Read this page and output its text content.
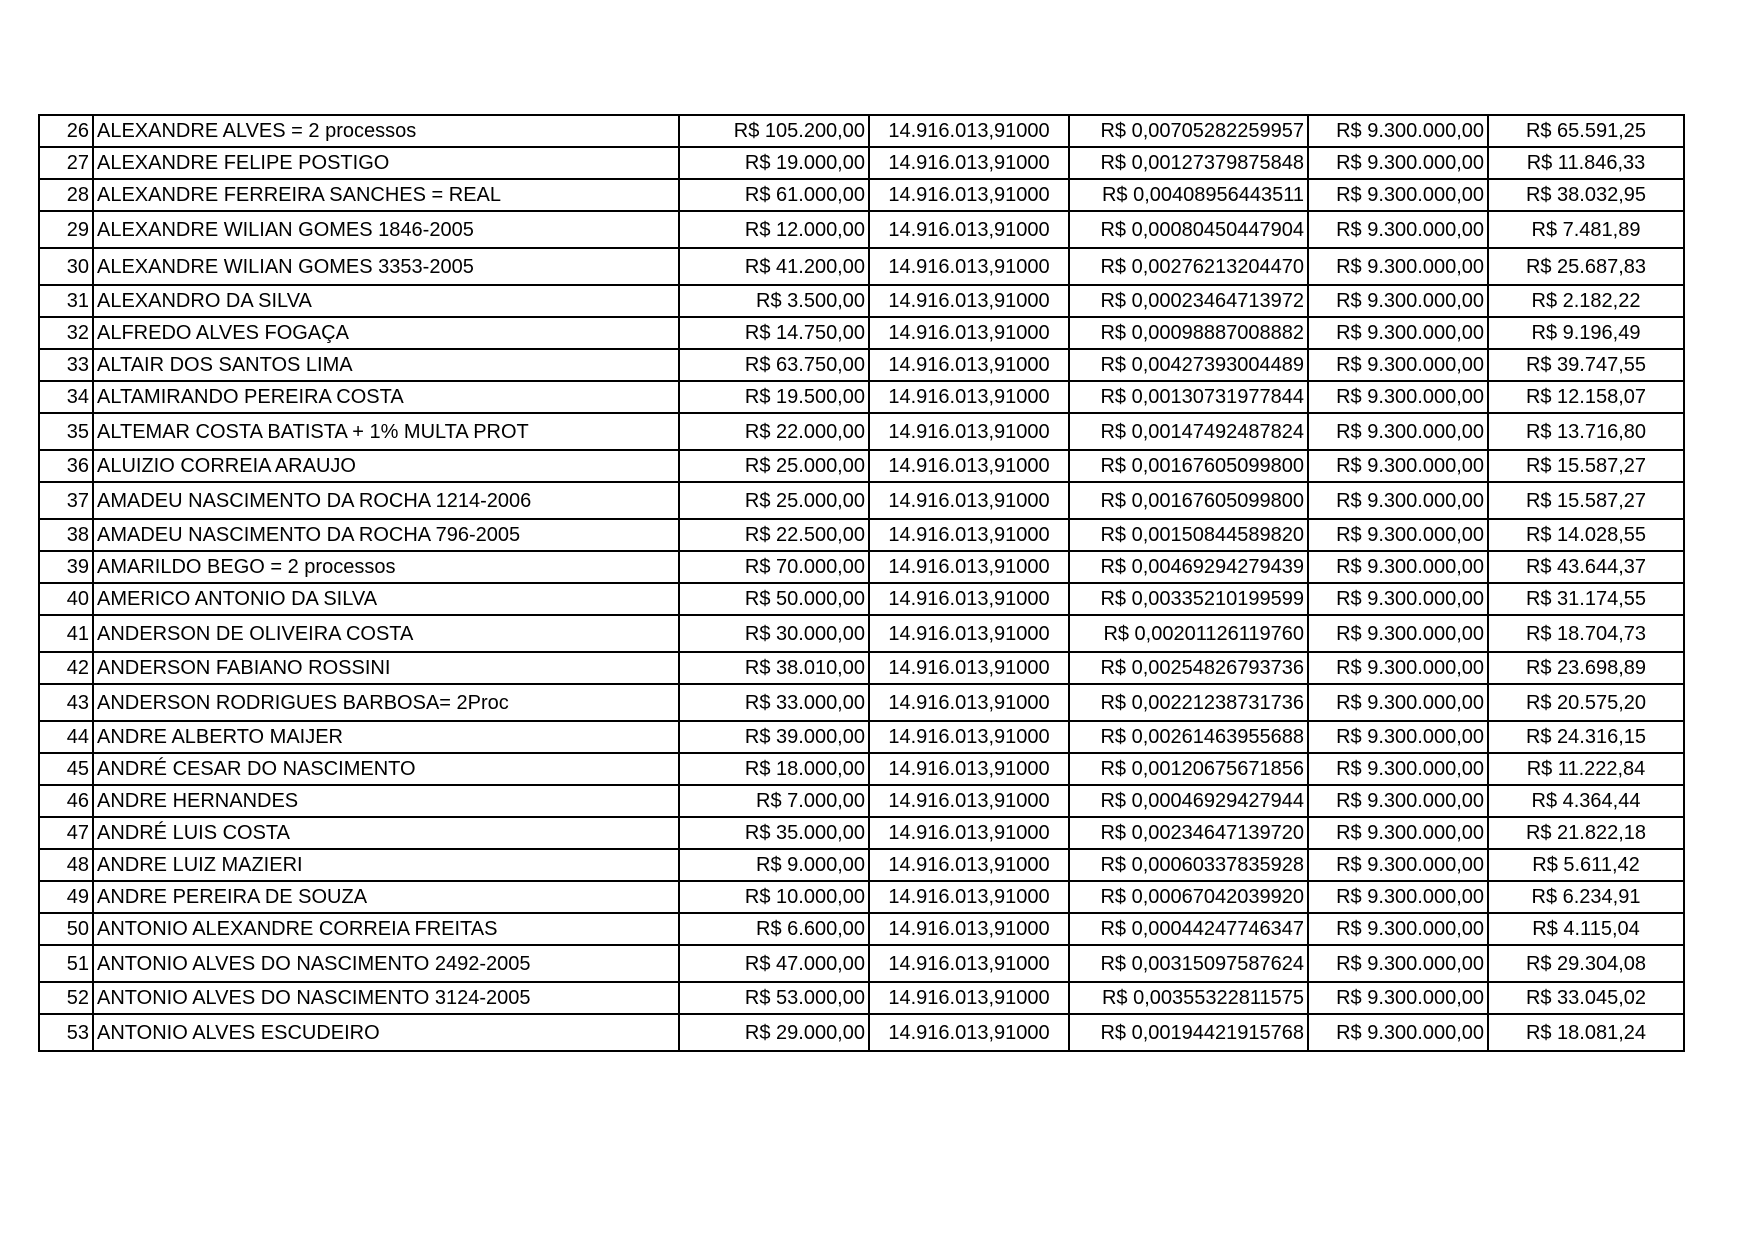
26	ALEXANDRE ALVES = 2 processos	R$ 105.200,00	14.916.013,91000	R$ 0,00705282259957	R$ 9.300.000,00	R$ 65.591,25
27	ALEXANDRE FELIPE POSTIGO	R$ 19.000,00	14.916.013,91000	R$ 0,00127379875848	R$ 9.300.000,00	R$ 11.846,33
28	ALEXANDRE FERREIRA SANCHES = REAL	R$ 61.000,00	14.916.013,91000	R$ 0,00408956443511	R$ 9.300.000,00	R$ 38.032,95
29	ALEXANDRE WILIAN GOMES 1846-2005	R$ 12.000,00	14.916.013,91000	R$ 0,00080450447904	R$ 9.300.000,00	R$ 7.481,89
30	ALEXANDRE WILIAN GOMES 3353-2005	R$ 41.200,00	14.916.013,91000	R$ 0,00276213204470	R$ 9.300.000,00	R$ 25.687,83
31	ALEXANDRO DA SILVA	R$ 3.500,00	14.916.013,91000	R$ 0,00023464713972	R$ 9.300.000,00	R$ 2.182,22
32	ALFREDO ALVES FOGAÇA	R$ 14.750,00	14.916.013,91000	R$ 0,00098887008882	R$ 9.300.000,00	R$ 9.196,49
33	ALTAIR DOS SANTOS LIMA	R$ 63.750,00	14.916.013,91000	R$ 0,00427393004489	R$ 9.300.000,00	R$ 39.747,55
34	ALTAMIRANDO PEREIRA COSTA	R$ 19.500,00	14.916.013,91000	R$ 0,00130731977844	R$ 9.300.000,00	R$ 12.158,07
35	ALTEMAR COSTA BATISTA + 1% MULTA PROT	R$ 22.000,00	14.916.013,91000	R$ 0,00147492487824	R$ 9.300.000,00	R$ 13.716,80
36	ALUIZIO CORREIA ARAUJO	R$ 25.000,00	14.916.013,91000	R$ 0,00167605099800	R$ 9.300.000,00	R$ 15.587,27
37	AMADEU NASCIMENTO DA ROCHA 1214-2006	R$ 25.000,00	14.916.013,91000	R$ 0,00167605099800	R$ 9.300.000,00	R$ 15.587,27
38	AMADEU NASCIMENTO DA ROCHA 796-2005	R$ 22.500,00	14.916.013,91000	R$ 0,00150844589820	R$ 9.300.000,00	R$ 14.028,55
39	AMARILDO BEGO = 2 processos	R$ 70.000,00	14.916.013,91000	R$ 0,00469294279439	R$ 9.300.000,00	R$ 43.644,37
40	AMERICO ANTONIO DA SILVA	R$ 50.000,00	14.916.013,91000	R$ 0,00335210199599	R$ 9.300.000,00	R$ 31.174,55
41	ANDERSON DE OLIVEIRA COSTA	R$ 30.000,00	14.916.013,91000	R$ 0,00201126119760	R$ 9.300.000,00	R$ 18.704,73
42	ANDERSON FABIANO ROSSINI	R$ 38.010,00	14.916.013,91000	R$ 0,00254826793736	R$ 9.300.000,00	R$ 23.698,89
43	ANDERSON RODRIGUES BARBOSA= 2Proc	R$ 33.000,00	14.916.013,91000	R$ 0,00221238731736	R$ 9.300.000,00	R$ 20.575,20
44	ANDRE ALBERTO MAIJER	R$ 39.000,00	14.916.013,91000	R$ 0,00261463955688	R$ 9.300.000,00	R$ 24.316,15
45	ANDRÉ CESAR DO NASCIMENTO	R$ 18.000,00	14.916.013,91000	R$ 0,00120675671856	R$ 9.300.000,00	R$ 11.222,84
46	ANDRE HERNANDES	R$ 7.000,00	14.916.013,91000	R$ 0,00046929427944	R$ 9.300.000,00	R$ 4.364,44
47	ANDRÉ LUIS COSTA	R$ 35.000,00	14.916.013,91000	R$ 0,00234647139720	R$ 9.300.000,00	R$ 21.822,18
48	ANDRE LUIZ MAZIERI	R$ 9.000,00	14.916.013,91000	R$ 0,00060337835928	R$ 9.300.000,00	R$ 5.611,42
49	ANDRE PEREIRA DE SOUZA	R$ 10.000,00	14.916.013,91000	R$ 0,00067042039920	R$ 9.300.000,00	R$ 6.234,91
50	ANTONIO ALEXANDRE CORREIA FREITAS	R$ 6.600,00	14.916.013,91000	R$ 0,00044247746347	R$ 9.300.000,00	R$ 4.115,04
51	ANTONIO ALVES DO NASCIMENTO 2492-2005	R$ 47.000,00	14.916.013,91000	R$ 0,00315097587624	R$ 9.300.000,00	R$ 29.304,08
52	ANTONIO ALVES DO NASCIMENTO 3124-2005	R$ 53.000,00	14.916.013,91000	R$ 0,00355322811575	R$ 9.300.000,00	R$ 33.045,02
53	ANTONIO ALVES ESCUDEIRO	R$ 29.000,00	14.916.013,91000	R$ 0,00194421915768	R$ 9.300.000,00	R$ 18.081,24
